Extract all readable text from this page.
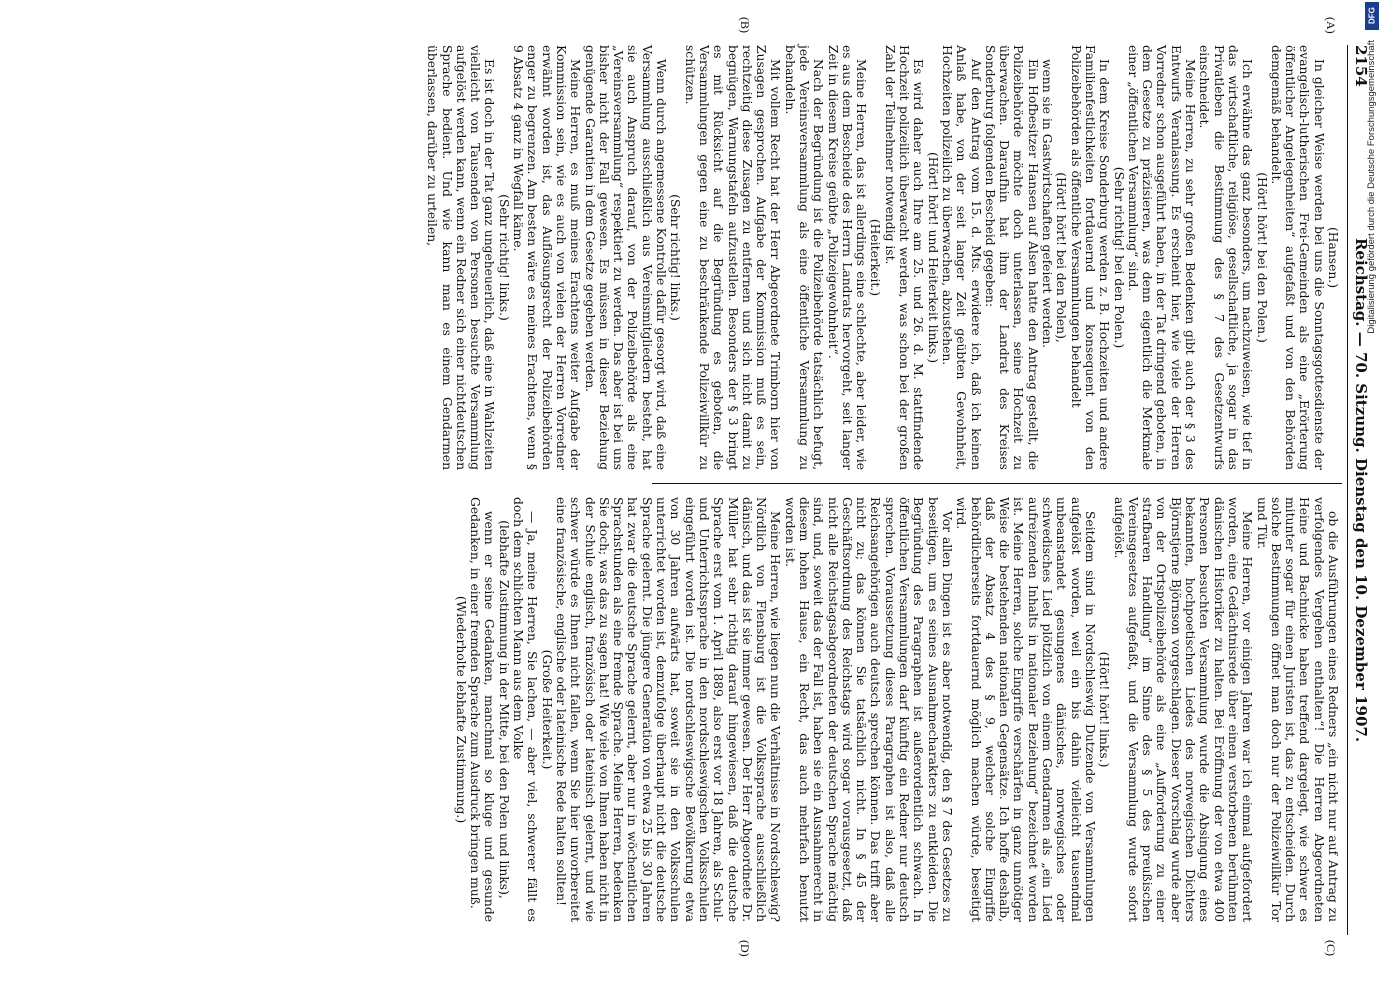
2154
Reichstag. — 70. Sitzung. Dienstag den 10. Dezember 1907.
(A)
(B)
(C)
(D)

(Hansen.)

In gleicher Weise werden bei uns die Sonntagsgottesdienste der evangelisch-lutherischen Frei-Gemeinden als eine „Erörterung öffentlicher Angelegenheiten“ aufgefaßt und von den Behörden demgemäß behandelt.

(Hört! hört! bei den Polen.)

Ich erwähne das ganz besonders, um nachzuweisen, wie tief in das wirtschaftliche, religiöse, gesellschaftliche, ja sogar in das Privatleben die Bestimmung des § 7 des Gesetzentwurfs einschneidet.

Meine Herren, zu sehr großen Bedenken gibt auch der § 3 des Entwurfs Veranlassung. Es erscheint hier, wie viele der Herren Vorredner schon ausgeführt haben, in der Tat dringend geboten, in dem Gesetze zu präzisieren, was denn eigentlich die Merkmale einer „öffentlichen Versammlung“ sind.

(Sehr richtig! bei den Polen.)

In dem Kreise Sonderburg werden z. B. Hochzeiten und andere Familienfestlichkeiten fortdauernd und konsequent von den Polizeibehörden als öffentliche Versammlungen behandelt

(Hört! hört! bei den Polen),

wenn sie in Gastwirtschaften gefeiert werden.

Ein Hofbesitzer Hansen auf Alsen hatte den Antrag gestellt, die Polizeibehörde möchte doch unterlassen, seine Hochzeit zu überwachen. Daraufhin hat ihm der Landrat des Kreises Sonderburg folgenden Bescheid gegeben:

Auf den Antrag vom 15. d. Mts. erwidere ich, daß ich keinen Anlaß habe, von der seit langer Zeit geübten Gewohnheit, Hochzeiten polizeilich zu überwachen, abzustehen.

(Hört! hört! und Heiterkeit links.)

Es wird daher auch Ihre am 25. und 26. d. M. stattfindende Hochzeit polizeilich überwacht werden, was schon bei der großen Zahl der Teilnehmer notwendig ist.

(Heiterkeit.)

Meine Herren, das ist allerdings eine schlechte, aber leider, wie es aus dem Bescheide des Herrn Landrats hervorgeht, seit langer Zeit in diesem Kreise geübte „Polizeigewohnheit“.

Nach der Begründung ist die Polizeibehörde tatsächlich befugt, jede Vereinsversammlung als eine öffentliche Versammlung zu behandeln.

Mit vollem Recht hat der Herr Abgeordnete Trimborn hier von Zusagen gesprochen. Aufgabe der Kommission muß es sein, rechtzeitig diese Zusagen zu entfernen und sich nicht damit zu begnügen, Warnungstafeln aufzustellen. Besonders der § 3 bringt es mit Rücksicht auf die Begründung es geboten, die Versammlungen gegen eine zu beschränkende Polizeiwillkür zu schützen.

(Sehr richtig! links.)

Wenn durch angemessene Kontrolle dafür gesorgt wird, daß eine Versammlung ausschließlich aus Vereinsmitgliedern besteht, hat sie auch Anspruch darauf, von der Polizeibehörde als eine „Vereinsversammlung“ respektiert zu werden. Das aber ist bei uns bisher nicht der Fall gewesen. Es müssen in dieser Beziehung genügende Garantien in dem Gesetze gegeben werden.

Meine Herren, es muß meines Erachtens weiter Aufgabe der Kommission sein, wie es auch von vielen der Herren Vorredner erwähnt worden ist, das Auflösungsrecht der Polizeibehörden enger zu begrenzen. Am besten wäre es meines Erachtens, wenn § 9 Absatz 4 ganz in Wegfall käme.

(Sehr richtig! links.)

Es ist doch in der Tat ganz ungeheuerlich, daß eine in Wahlzeiten vielleicht von Tausenden von Personen besuchte Versammlung aufgelöst werden kann, wenn ein Redner sich einer nichtdeutschen Sprache bedient. Und wie kann man es einem Gendarmen überlassen, darüber zu urteilen,

ob die Ausführungen eines Redners „ein nicht nur auf Antrag zu verfolgendes Vergehen enthalten“! Die Herren Abgeordneten Heine und Bachnicke haben treffend dargelegt, wie schwer es mitunter sogar für einen Juristen ist, das zu entscheiden. Durch solche Bestimmungen öffnet man doch nur der Polizeiwillkür Tor und Tür.

Meine Herren, vor einigen Jahren war ich einmal aufgefordert worden, eine Gedächtnisrede über einen verstorbenen berühmten dänischen Historiker zu halten. Bei Eröffnung der von etwa 400 Personen besuchten Versammlung wurde die Absingung eines bekannten, hochpoetischen Liedes des norwegischen Dichters Björnstjerne Björnson vorgeschlagen. Dieser Vorschlag wurde aber von der Ortspolizeibehörde als eine „Aufforderung zu einer strafbaren Handlung“ im Sinne des § 5 des preußischen Vereinsgesetzes aufgefaßt, und die Versammlung wurde sofort aufgelöst.

(Hört! hört! links.)

Seitdem sind in Nordschleswig Dutzende von Versammlungen aufgelöst worden, weil ein bis dahin vielleicht tausendmal unbeanstandet gesungenes dänisches, norwegisches oder schwedisches Lied plötzlich von einem Gendarmen als „ein Lied aufreizenden Inhalts in nationaler Beziehung“ bezeichnet worden ist. Meine Herren, solche Eingriffe verschärfen in ganz unnötiger Weise die bestehenden nationalen Gegensätze. Ich hoffe deshalb, daß der Absatz 4 des § 9, welcher solche Eingriffe behördlicherseits fortdauernd möglich machen würde, beseitigt wird.

Vor allen Dingen ist es aber notwendig, den § 7 des Gesetzes zu beseitigen, um es seines Ausnahmecharakters zu entkleiden. Die Begründung des Paragraphen ist außerordentlich schwach. In öffentlichen Versammlungen darf künftig ein Redner nur deutsch sprechen. Voraussetzung dieses Paragraphen ist also, daß alle Reichsangehörigen auch deutsch sprechen können. Das trifft aber nicht zu; das können Sie tatsächlich nicht. In § 45 der Geschäftsordnung des Reichstags wird sogar vorausgesetzt, daß nicht alle Reichstagsabgeordneten der deutschen Sprache mächtig sind, und, soweit das der Fall ist, haben sie ein Ausnahmerecht in diesem hohen Hause, ein Recht, das auch mehrfach benutzt worden ist.

Meine Herren, wie liegen nun die Verhältnisse in Nordschleswig? Nördlich von Flensburg ist die Volkssprache ausschließlich dänisch, und das ist sie immer gewesen. Der Herr Abgeordnete Dr. Müller hat sehr richtig darauf hingewiesen, daß die deutsche Sprache erst vom 1. April 1889, also erst vor 18 Jahren, als Schul- und Unterrichtssprache in den nordschleswigschen Volksschulen eingeführt worden ist. Die nordschleswigsche Bevölkerung etwa von 30 Jahren aufwärts hat, soweit sie in den Volksschulen unterrichtet worden ist, demzufolge überhaupt nicht die deutsche Sprache gelernt. Die jüngere Generation von etwa 25 bis 30 Jahren hat zwar die deutsche Sprache gelernt, aber nur in wöchentlichen Sprachstunden als eine fremde Sprache. Meine Herren, bedenken Sie doch; was das zu sagen hat! Wie viele von Ihnen haben nicht in der Schule englisch, französisch oder lateinisch gelernt, und wie schwer würde es Ihnen nicht fallen, wenn Sie hier unvorbereitet eine französische, englische oder lateinische Rede halten sollten!

(Große Heiterkeit.)

— Ja, meine Herren, Sie lachen, — aber viel, schwerer fällt es doch dem schlichten Mann aus dem Volke

(lebhafte Zustimmung in der Mitte, bei den Polen und links),

wenn er seine Gedanken, manchmal so kluge und gesunde Gedanken, in einer fremden Sprache zum Ausdruck bringen muß.

(Wiederholte lebhafte Zustimmung.)

DFG
Digitalisierung gefördert durch die Deutsche Forschungsgemeinschaft
